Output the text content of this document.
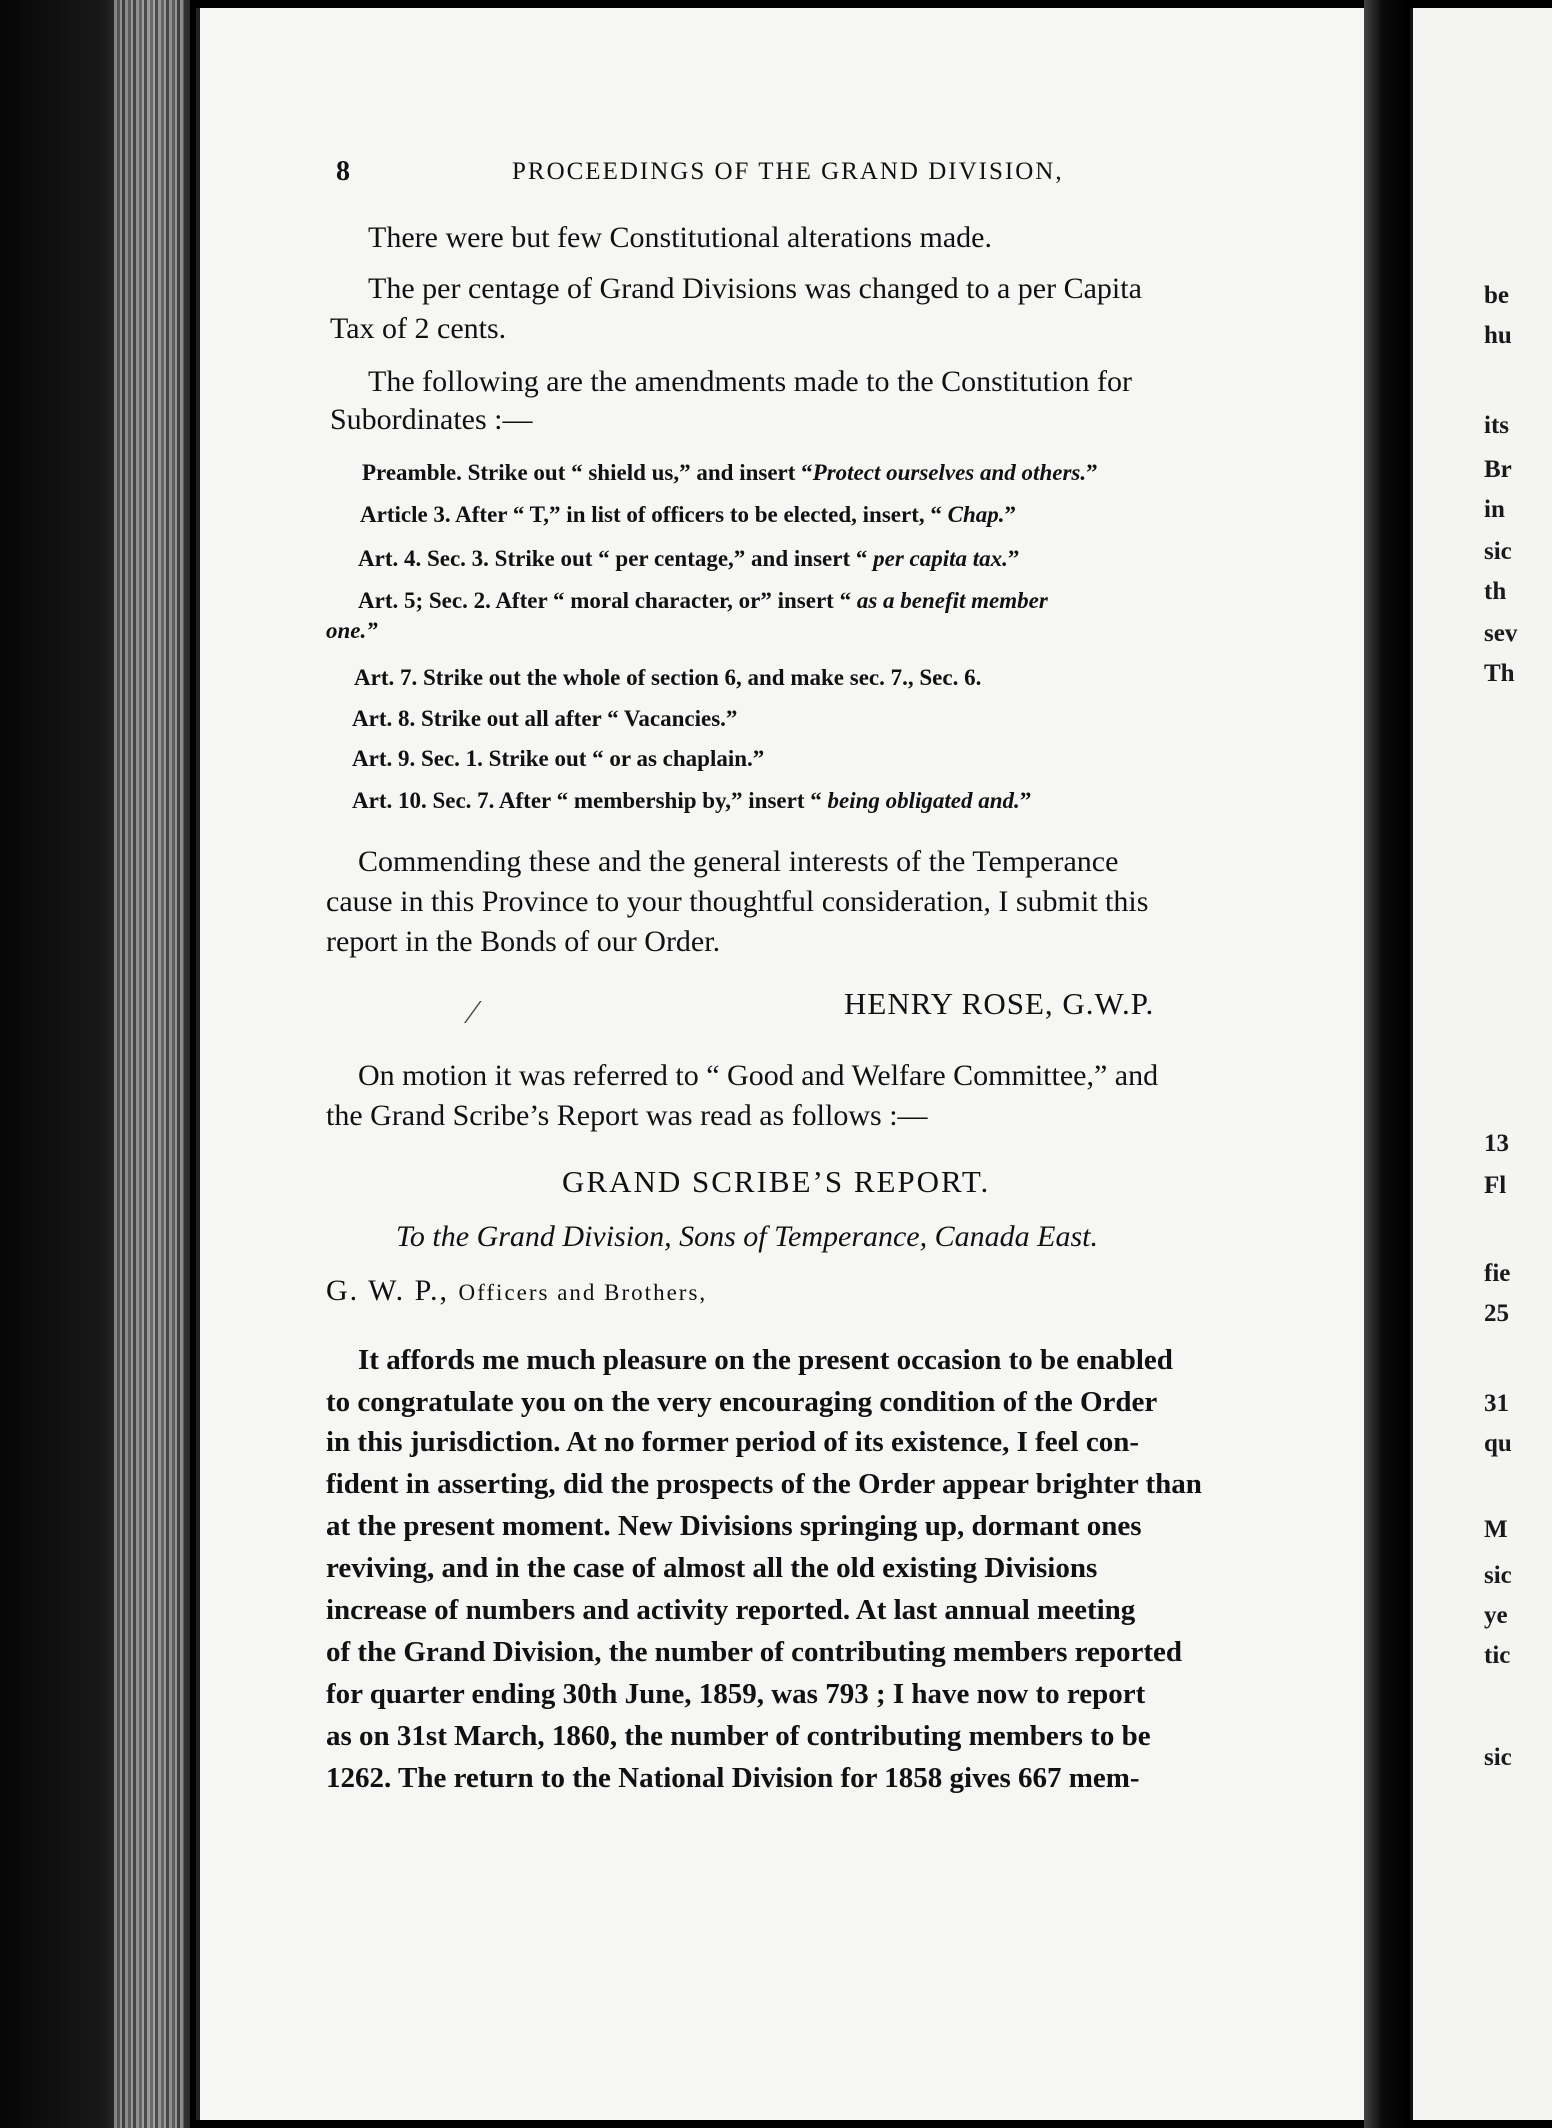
be
hu
its
Br
in
sic
th
sev
Th
13
Fl
fie
25
31
qu
M
sic
ye
tic
sic
8	PROCEEDINGS OF THE GRAND DIVISION,
There were but few Constitutional alterations made.
The per centage of Grand Divisions was changed to a per Capita
Tax of 2 cents.
The following are the amendments made to the Constitution for
Subordinates :—
Preamble. Strike out “ shield us,” and insert “Protect ourselves and others.”
Article 3. After “ T,” in list of officers to be elected, insert, “ Chap.”
Art. 4. Sec. 3. Strike out “ per centage,” and insert “ per capita tax.”
Art. 5; Sec. 2. After “ moral character, or” insert “ as a benefit member
one.”
Art. 7. Strike out the whole of section 6, and make sec. 7., Sec. 6.
Art. 8. Strike out all after “ Vacancies.”
Art. 9. Sec. 1. Strike out “ or as chaplain.”
Art. 10. Sec. 7. After “ membership by,” insert “ being obligated and.”
Commending these and the general interests of the Temperance
cause in this Province to your thoughtful consideration, I submit this
report in the Bonds of our Order.
⁄	HENRY ROSE, G.W.P.
On motion it was referred to “ Good and Welfare Committee,” and
the Grand Scribe’s Report was read as follows :—
GRAND SCRIBE’S REPORT.
To the Grand Division, Sons of Temperance, Canada East.
G. W. P., Officers and Brothers,
It affords me much pleasure on the present occasion to be enabled
to congratulate you on the very encouraging condition of the Order
in this jurisdiction. At no former period of its existence, I feel con-
fident in asserting, did the prospects of the Order appear brighter than
at the present moment. New Divisions springing up, dormant ones
reviving, and in the case of almost all the old existing Divisions
increase of numbers and activity reported. At last annual meeting
of the Grand Division, the number of contributing members reported
for quarter ending 30th June, 1859, was 793 ; I have now to report
as on 31st March, 1860, the number of contributing members to be
1262. The return to the National Division for 1858 gives 667 mem-
